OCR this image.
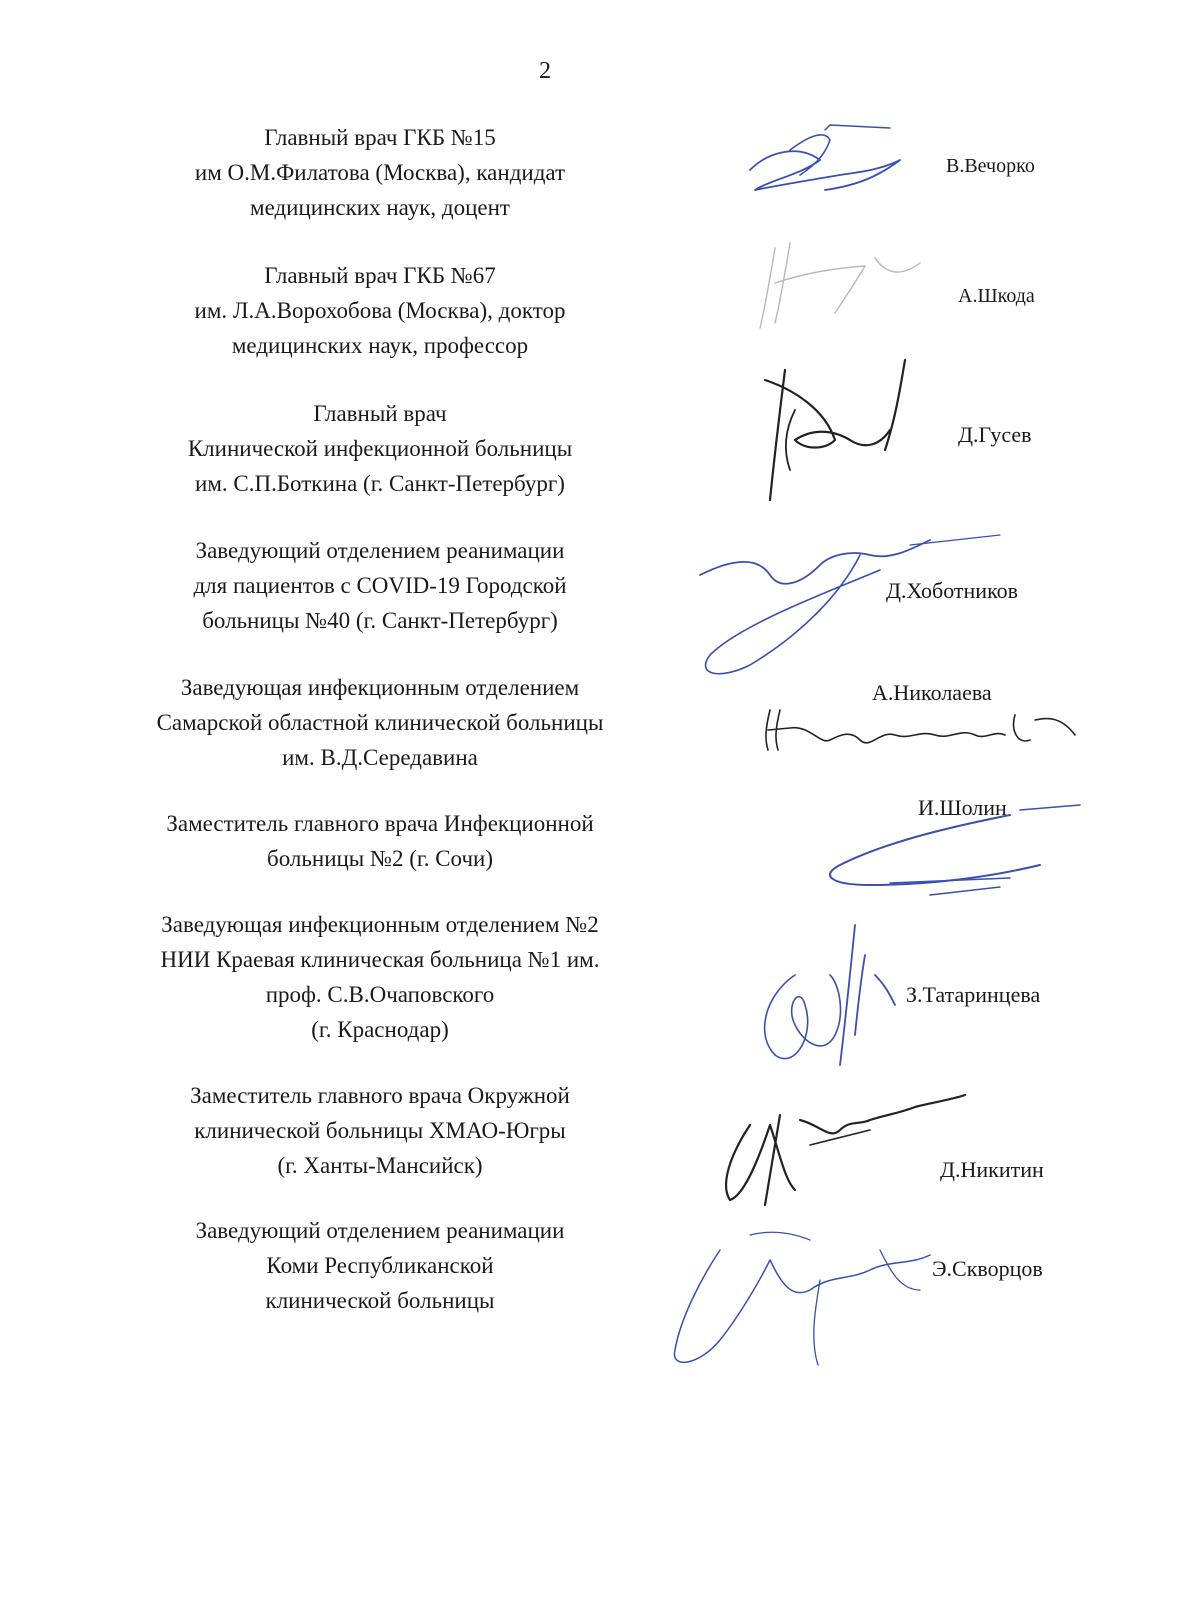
2
Главный врач ГКБ №15
им О.М.Филатова (Москва), кандидат
медицинских наук, доцент
Главный врач ГКБ №67
им. Л.А.Ворохобова (Москва), доктор
медицинских наук, профессор
Главный врач
Клинической инфекционной больницы
им. С.П.Боткина (г. Санкт-Петербург)
Заведующий отделением реанимации
для пациентов с COVID-19 Городской
больницы №40 (г. Санкт-Петербург)
Заведующая инфекционным отделением
Самарской областной клинической больницы
им. В.Д.Середавина
Заместитель главного врача Инфекционной
больницы №2 (г. Сочи)
Заведующая инфекционным отделением №2
НИИ Краевая клиническая больница №1 им.
проф. С.В.Очаповского
(г. Краснодар)
Заместитель главного врача Окружной
клинической больницы ХМАО-Югры
(г. Ханты-Мансийск)
Заведующий отделением реанимации
Коми Республиканской
клинической больницы
В.Вечорко
А.Шкода
Д.Гусев
Д.Хоботников
А.Николаева
И.Шолин
З.Татаринцева
Д.Никитин
Э.Скворцов
